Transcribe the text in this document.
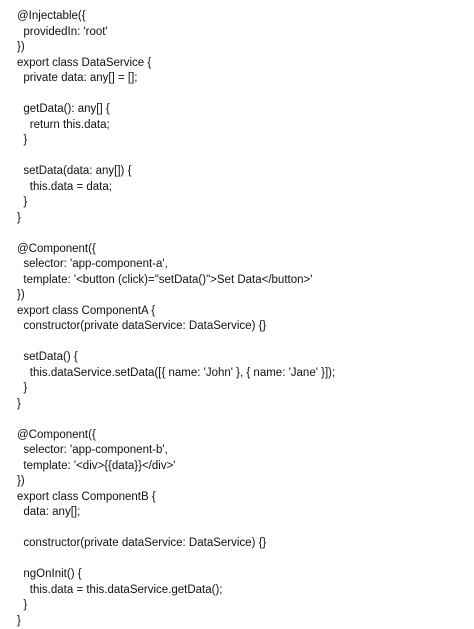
@Injectable({
providedIn: 'root'
})
export class DataService {
private data: any[] = [];
getData(): any[] {
return this.data;
}
setData(data: any[]) {
this.data = data;
}
}
@Component({
selector: 'app-component-a',
template: '<button (click)="setData()">Set Data</button>'
})
export class ComponentA {
constructor(private dataService: DataService) {}
setData() {
this.dataService.setData([{ name: 'John' }, { name: 'Jane' }]);
}
}
@Component({
selector: 'app-component-b',
template: '<div>{{data}}</div>'
})
export class ComponentB {
data: any[];
constructor(private dataService: DataService) {}
ngOnInit() {
this.data = this.dataService.getData();
}
}
